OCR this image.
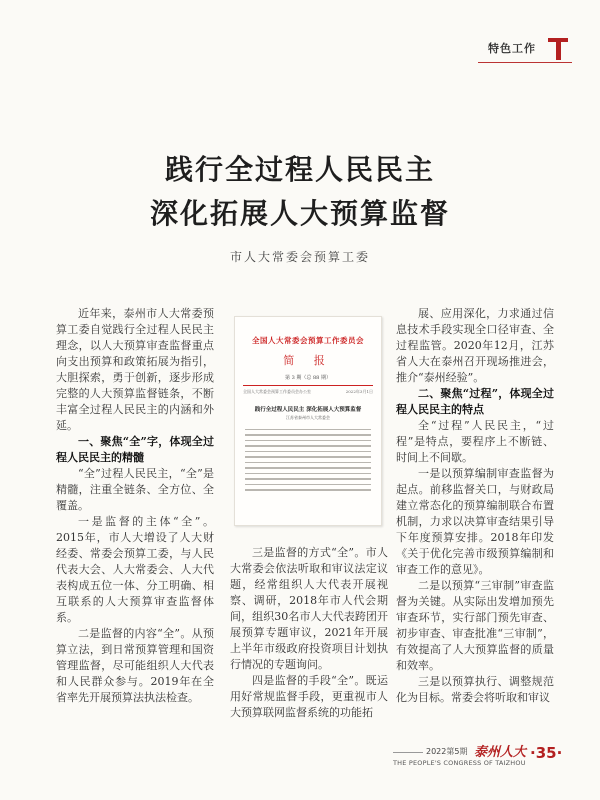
特色工作
践行全过程人民民主
深化拓展人大预算监督
市人大常委会预算工委

近年来，泰州市人大常委预算工委自觉践行全过程人民民主理念，以人大预算审查监督重点向支出预算和政策拓展为指引，大胆探索，勇于创新，逐步形成完整的人大预算监督链条，不断丰富全过程人民民主的内涵和外延。

一、聚焦“全”字，体现全过程人民民主的精髓

“全”过程人民民主，“全”是精髓，注重全链条、全方位、全覆盖。

一是监督的主体“全”。2015年，市人大增设了人大财经委、常委会预算工委，与人民代表大会、人大常委会、人大代表构成五位一体、分工明确、相互联系的人大预算审查监督体系。

二是监督的内容“全”。从预算立法，到日常预算管理和国资管理监督，尽可能组织人大代表和人民群众参与。2019年在全省率先开展预算法执法检查。

全国人大常委会预算工作委员会
简 报
第 3 期（总 88 期）
全国人大常委会预算工作委员会办公室	2022年3月1日
践行全过程人民民主 深化拓展人大预算监督
江苏省泰州市人大常委会

三是监督的方式“全”。市人大常委会依法听取和审议法定议题，经常组织人大代表开展视察、调研，2018年市人代会期间，组织30名市人大代表跨团开展预算专题审议，2021年开展上半年市级政府投资项目计划执行情况的专题询问。

四是监督的手段“全”。既运用好常规监督手段，更重视市人大预算联网监督系统的功能拓

展、应用深化，力求通过信息技术手段实现全口径审查、全过程监管。2020年12月，江苏省人大在泰州召开现场推进会，推介“泰州经验”。

二、聚焦“过程”，体现全过程人民民主的特点

全“过程”人民民主，“过程”是特点，要程序上不断链、时间上不间歇。

一是以预算编制审查监督为起点。前移监督关口，与财政局建立常态化的预算编制联合布置机制，力求以决算审查结果引导下年度预算安排。2018年印发《关于优化完善市级预算编制和审查工作的意见》。

二是以预算“三审制”审查监督为关键。从实际出发增加预先审查环节，实行部门预先审查、初步审查、审查批准“三审制”，有效提高了人大预算监督的质量和效率。

三是以预算执行、调整规范化为目标。常委会将听取和审议

2022第5期 泰州人大
THE PEOPLE'S CONGRESS OF TAIZHOU
·35·
